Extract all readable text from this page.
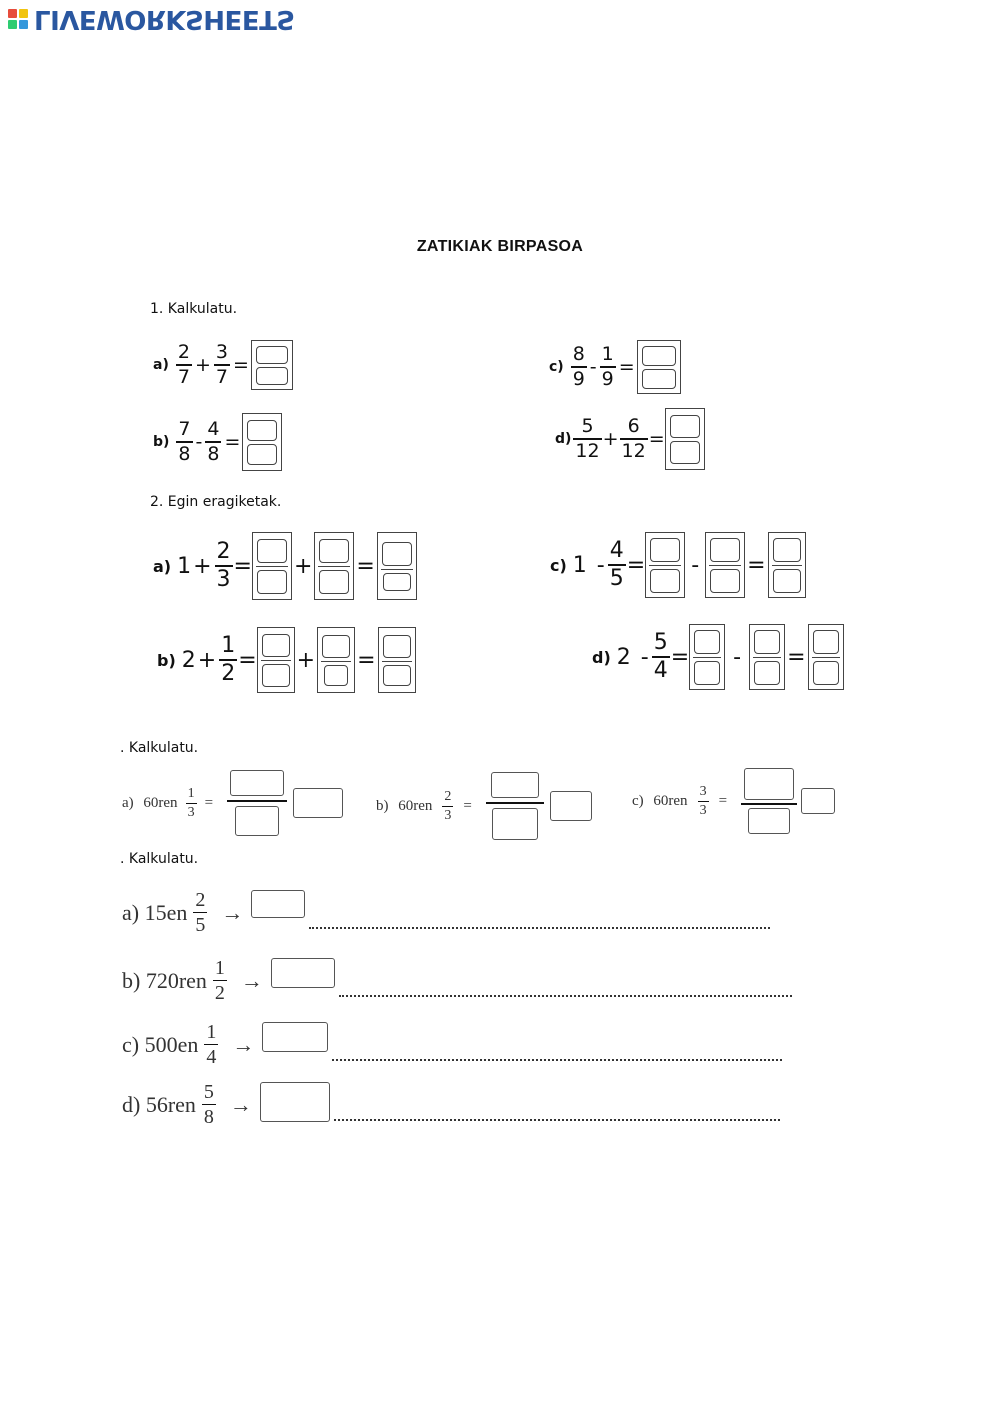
LIVEWORKSHEETS
ZATIKIAK BIRPASOA
1. Kalkulatu.
$a) \frac{2}{7} + \frac{3}{7}$ =
$b) \frac{7}{8} - \frac{4}{8}$ =
$c) \frac{8}{9} - \frac{1}{9}$ =
$d) \frac{5}{12} + \frac{6}{12}$ =
2. Egin eragiketak.
a) $1 + \frac{2}{3}$ = + =
b) $2 + \frac{1}{2}$ = + =
c) $1 - \frac{4}{5}$ = - =
d) $2 - \frac{5}{4}$ = - =
. Kalkulatu.
a)
$60ren \frac{1}{3}$ =	b)
$60ren \frac{2}{3}$ =	c)
$60ren \frac{3}{3}$ =
. Kalkulatu.
a)
$15en \frac{2}{5}$ →
b)
$720ren \frac{1}{2}$ →
c)
$500en \frac{1}{4}$ →
d)
$56ren \frac{5}{8}$ →
